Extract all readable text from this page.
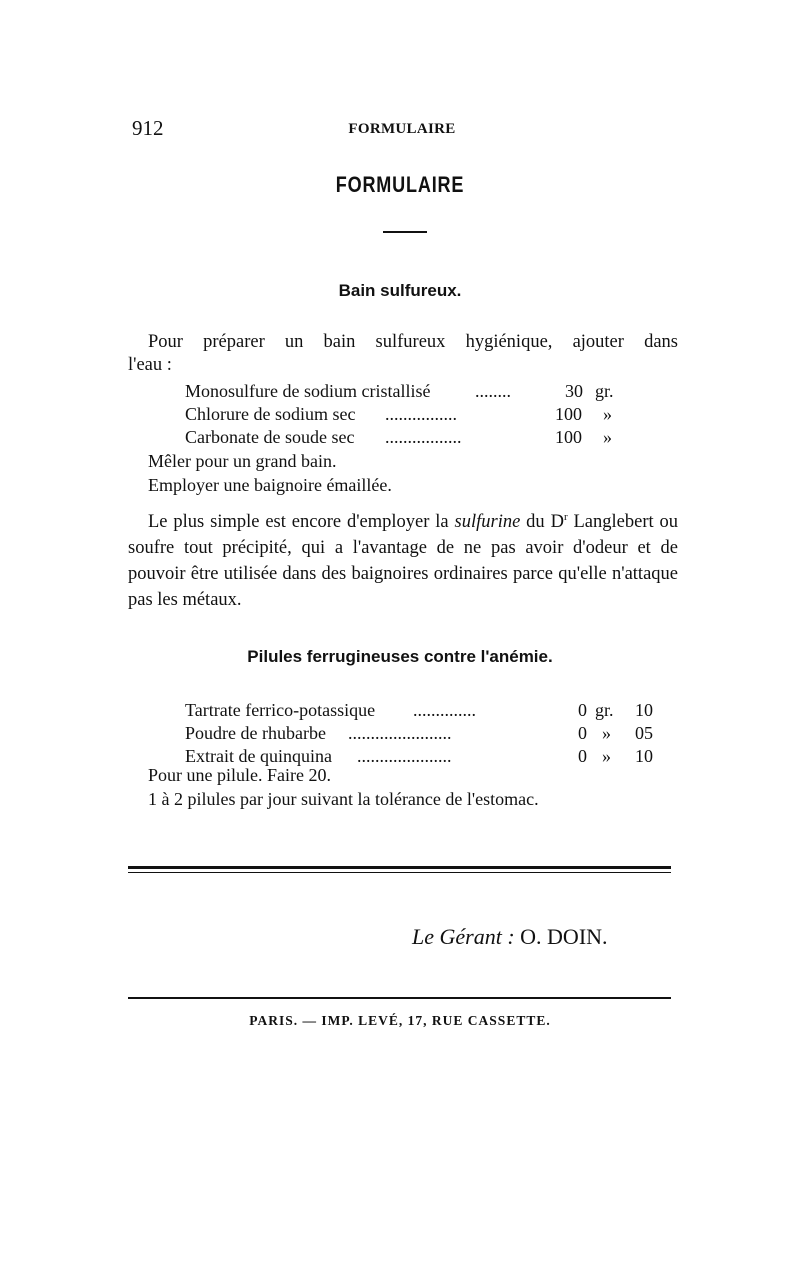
912	FORMULAIRE
FORMULAIRE
Bain sulfureux.

Pour préparer un bain sulfureux hygiénique, ajouter dans

l'eau :

Monosulfure de sodium cristallisé ........	30 gr.
Chlorure de sodium sec ................	100 »
Carbonate de soude sec .................	100 »
Mêler pour un grand bain.
Employer une baignoire émaillée.

Le plus simple est encore d'employer la sulfurine du $D^r$ Langlebert ou soufre tout précipité, qui a l'avantage de ne pas avoir d'odeur et de pouvoir être utilisée dans des baignoires ordinaires parce qu'elle n'attaque pas les métaux.

Pilules ferrugineuses contre l'anémie.
Tartrate ferrico-potassique ..............	0 gr. 10
Poudre de rhubarbe .......................	0 » 05
Extrait de quinquina .....................	0 » 10
Pour une pilule. Faire 20.
1 à 2 pilules par jour suivant la tolérance de l'estomac.
Le Gérant : O. DOIN.
PARIS. — IMP. LEVÉ, 17, RUE CASSETTE.
